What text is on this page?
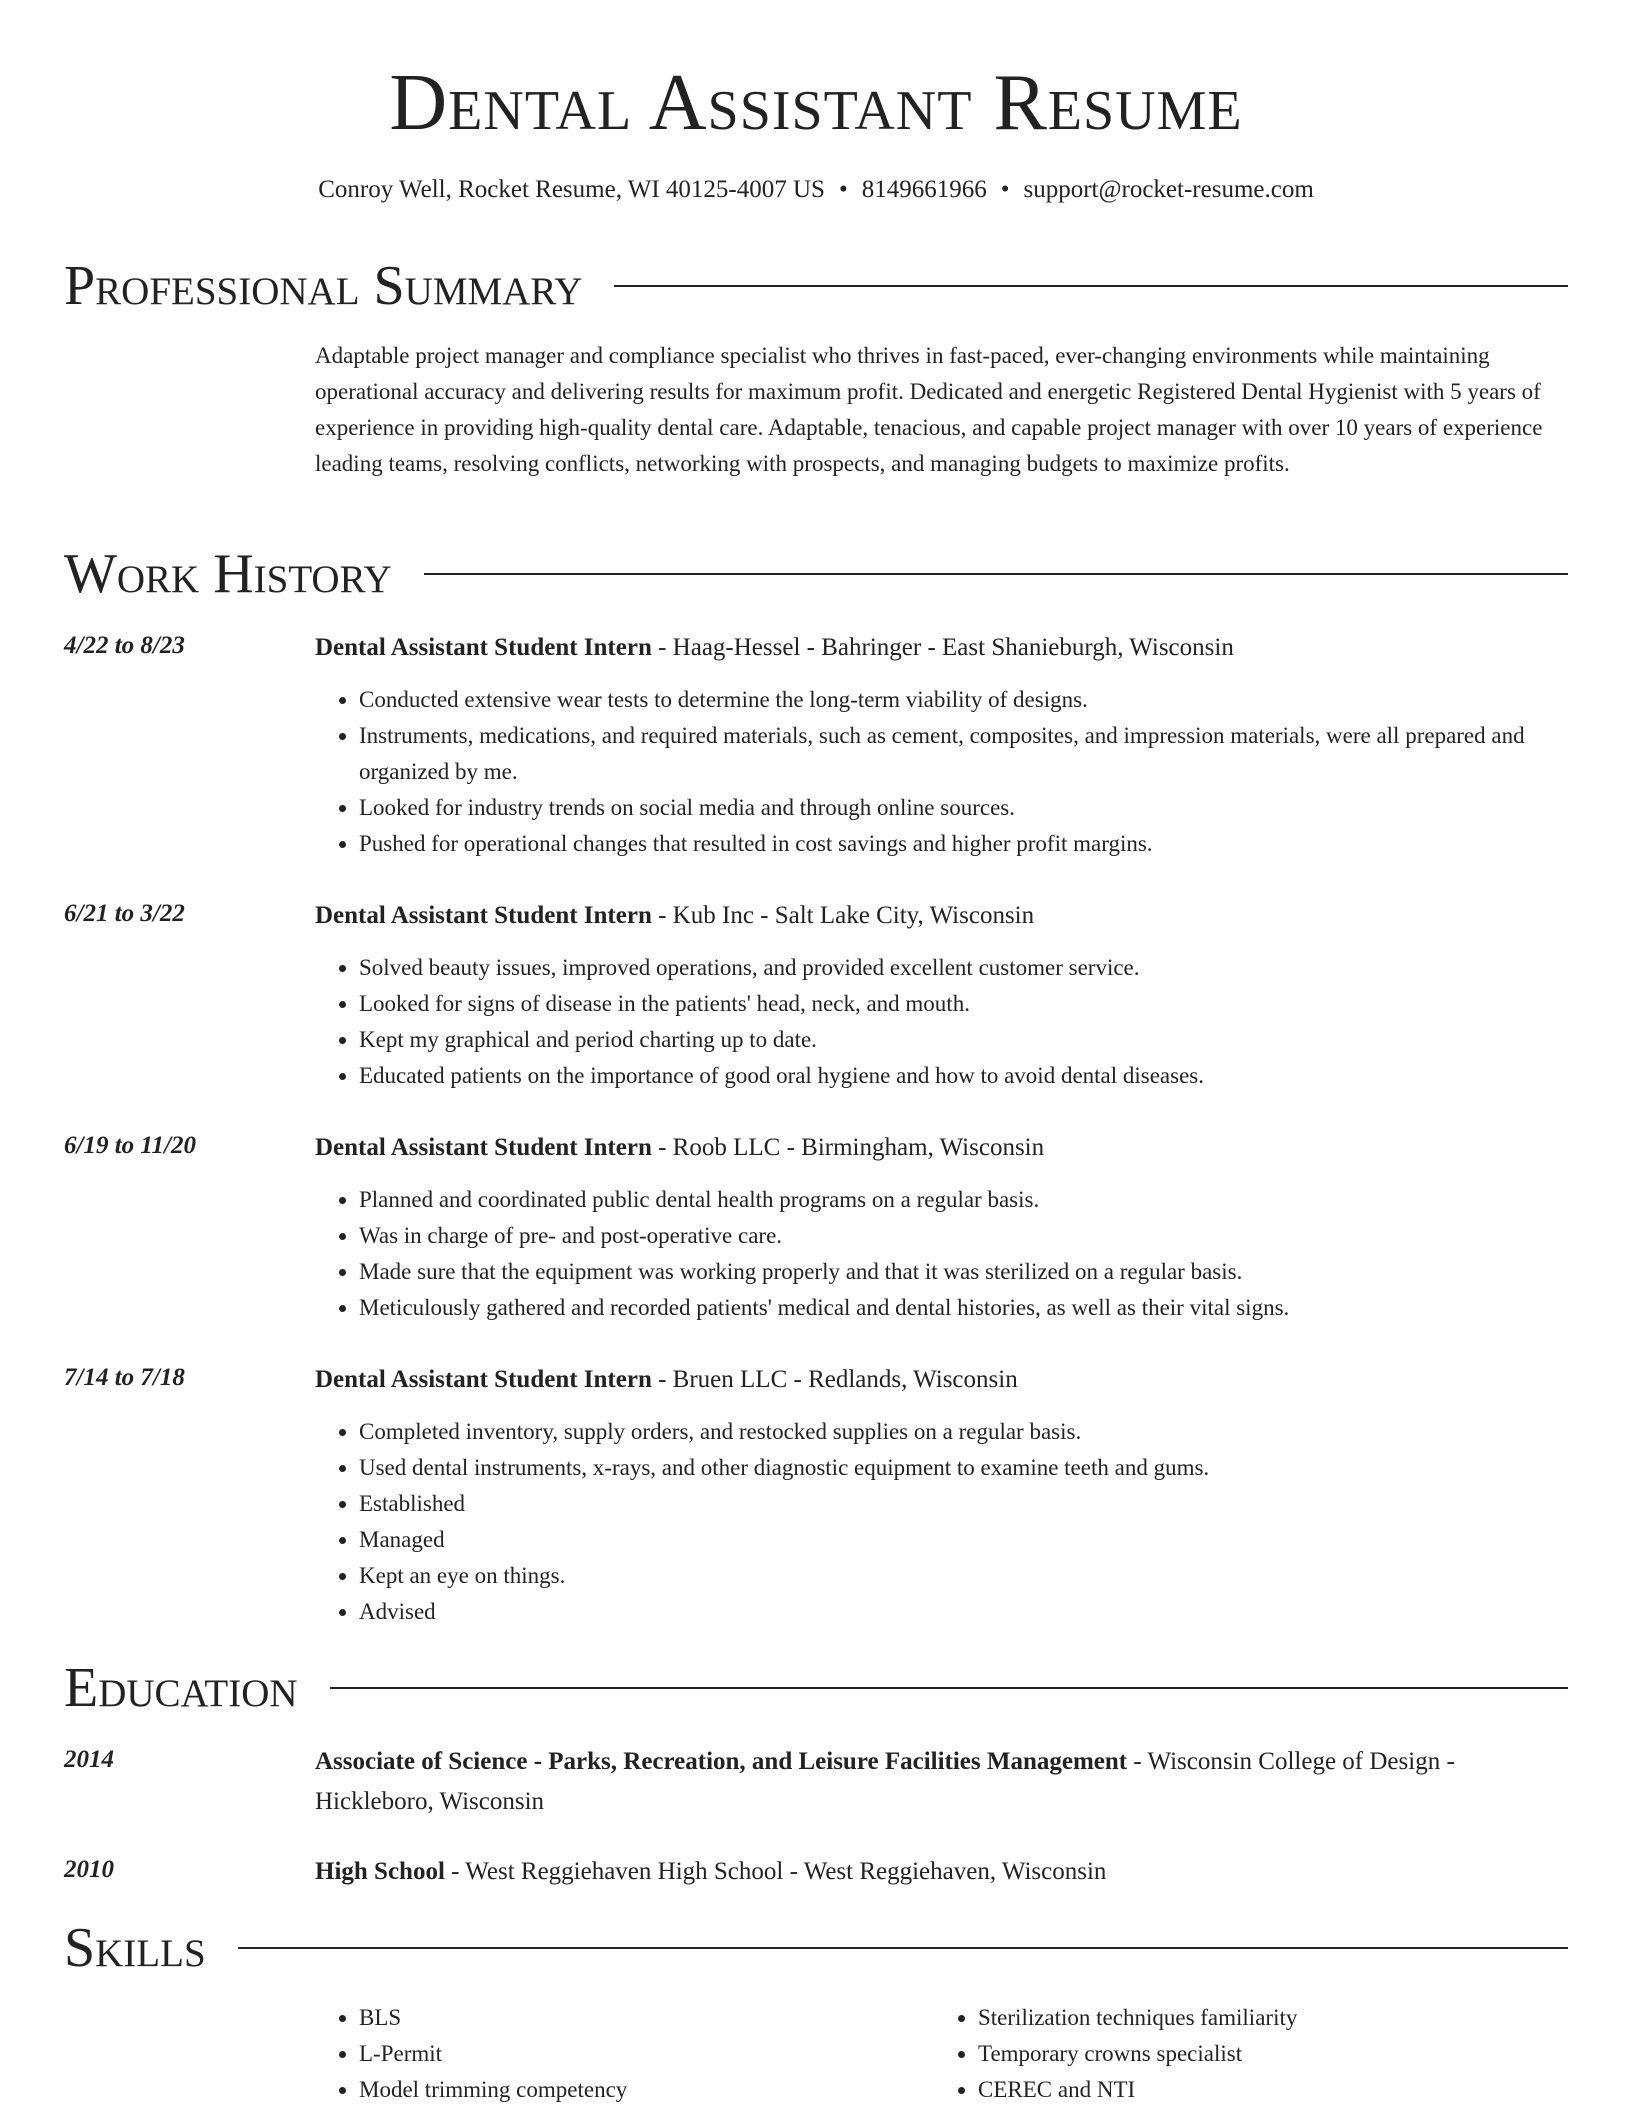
Dental Assistant Resume
Conroy Well, Rocket Resume, WI 40125-4007 US • 8149661966 • support@rocket-resume.com
Professional Summary

Adaptable project manager and compliance specialist who thrives in fast-paced, ever-changing environments while maintaining operational accuracy and delivering results for maximum profit. Dedicated and energetic Registered Dental Hygienist with 5 years of experience in providing high-quality dental care. Adaptable, tenacious, and capable project manager with over 10 years of experience leading teams, resolving conflicts, networking with prospects, and managing budgets to maximize profits.

Work History
4/22 to 8/23	Dental Assistant Student Intern - Haag-Hessel - Bahringer - East Shanieburgh, Wisconsin
• Conducted extensive wear tests to determine the long-term viability of designs.
• Instruments, medications, and required materials, such as cement, composites, and impression materials, were all prepared and organized by me.
• Looked for industry trends on social media and through online sources.
• Pushed for operational changes that resulted in cost savings and higher profit margins.
6/21 to 3/22	Dental Assistant Student Intern - Kub Inc - Salt Lake City, Wisconsin
• Solved beauty issues, improved operations, and provided excellent customer service.
• Looked for signs of disease in the patients' head, neck, and mouth.
• Kept my graphical and period charting up to date.
• Educated patients on the importance of good oral hygiene and how to avoid dental diseases.
6/19 to 11/20	Dental Assistant Student Intern - Roob LLC - Birmingham, Wisconsin
• Planned and coordinated public dental health programs on a regular basis.
• Was in charge of pre- and post-operative care.
• Made sure that the equipment was working properly and that it was sterilized on a regular basis.
• Meticulously gathered and recorded patients' medical and dental histories, as well as their vital signs.
7/14 to 7/18	Dental Assistant Student Intern - Bruen LLC - Redlands, Wisconsin
• Completed inventory, supply orders, and restocked supplies on a regular basis.
• Used dental instruments, x-rays, and other diagnostic equipment to examine teeth and gums.
• Established
• Managed
• Kept an eye on things.
• Advised
Education
2014	Associate of Science - Parks, Recreation, and Leisure Facilities Management - Wisconsin College of Design - Hickleboro, Wisconsin
2010	High School - West Reggiehaven High School - West Reggiehaven, Wisconsin
Skills
• BLS
• L-Permit
• Model trimming competency
• Sterilization techniques familiarity
• Temporary crowns specialist
• CEREC and NTI
